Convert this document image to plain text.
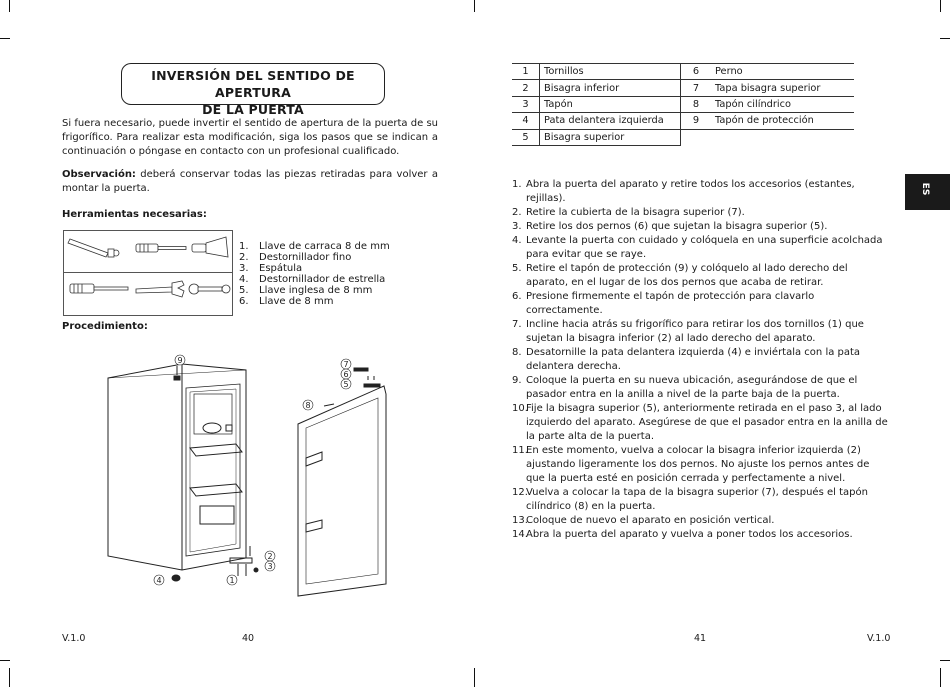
INVERSIÓN DEL SENTIDO DE APERTURA
DE LA PUERTA
Si fuera necesario, puede invertir el sentido de apertura de la puerta de su frigorífico. Para realizar esta modificación, siga los pasos que se indican a continuación o póngase en contacto con un profesional cualificado.
Observación: deberá conservar todas las piezas retiradas para volver a montar la puerta.
Herramientas necesarias:
1. Llave de carraca 8 de mm
2. Destornillador fino
3. Espátula
4. Destornillador de estrella
5. Llave inglesa de 8 mm
6. Llave de 8 mm
Procedimiento:
9	7
6
5
8
2
3
4	1
V.1.0	40
1	Tornillos	6	Perno
2	Bisagra inferior	7	Tapa bisagra superior
3	Tapón	8	Tapón cilíndrico
4	Pata delantera izquierda	9	Tapón de protección
5	Bisagra superior		
1. Abra la puerta del aparato y retire todos los accesorios (estantes, rejillas).
2. Retire la cubierta de la bisagra superior (7).
3. Retire los dos pernos (6) que sujetan la bisagra superior (5).
4. Levante la puerta con cuidado y colóquela en una superficie acolchada para evitar que se raye.
5. Retire el tapón de protección (9) y colóquelo al lado derecho del aparato, en el lugar de los dos pernos que acaba de retirar.
6. Presione firmemente el tapón de protección para clavarlo correctamente.
7. Incline hacia atrás su frigorífico para retirar los dos tornillos (1) que sujetan la bisagra inferior (2) al lado derecho del aparato.
8. Desatornille la pata delantera izquierda (4) e inviértala con la pata delantera derecha.
9. Coloque la puerta en su nueva ubicación, asegurándose de que el pasador entra en la anilla a nivel de la parte baja de la puerta.
10.
Fije la bisagra superior (5), anteriormente retirada en el paso 3, al lado izquierdo del aparato. Asegúrese de que el pasador entra en la anilla de la parte alta de la puerta.
11.
En este momento, vuelva a colocar la bisagra inferior izquierda (2) ajustando ligeramente los dos pernos. No ajuste los pernos antes de que la puerta esté en posición cerrada y perfectamente a nivel.
12.
Vuelva a colocar la tapa de la bisagra superior (7), después el tapón cilíndrico (8) en la puerta.
13.
Coloque de nuevo el aparato en posición vertical.
14.
Abra la puerta del aparato y vuelva a poner todos los accesorios.
ES
41	V.1.0
